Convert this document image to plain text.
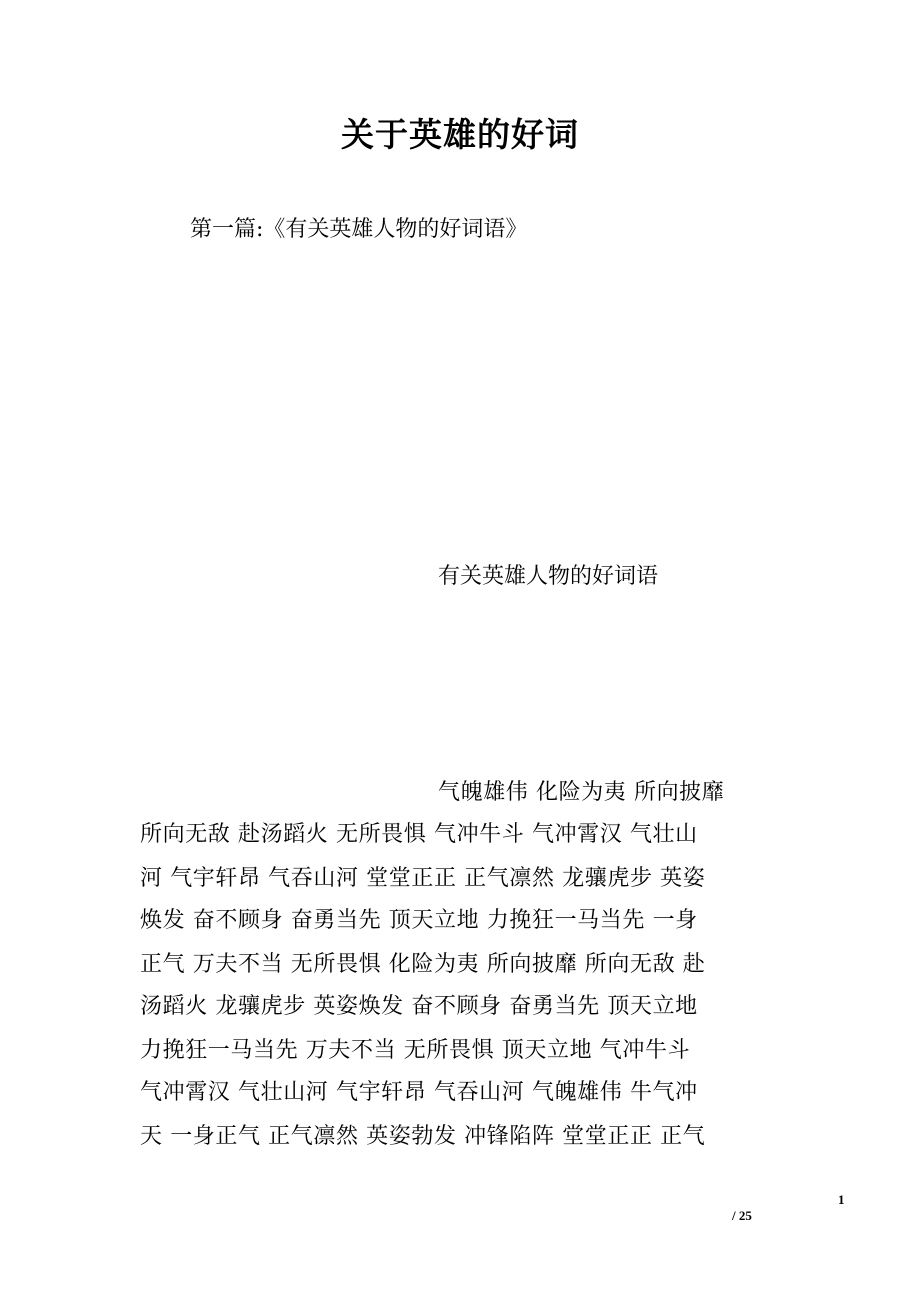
关于英雄的好词
第一篇:《有关英雄人物的好词语》
有关英雄人物的好词语
气魄雄伟 化险为夷 所向披靡
所向无敌 赴汤蹈火 无所畏惧 气冲牛斗 气冲霄汉 气壮山
河 气宇轩昂 气吞山河 堂堂正正 正气凛然 龙骧虎步 英姿
焕发 奋不顾身 奋勇当先 顶天立地 力挽狂一马当先 一身
正气 万夫不当 无所畏惧 化险为夷 所向披靡 所向无敌 赴
汤蹈火 龙骧虎步 英姿焕发 奋不顾身 奋勇当先 顶天立地
力挽狂一马当先 万夫不当 无所畏惧 顶天立地 气冲牛斗
气冲霄汉 气壮山河 气宇轩昂 气吞山河 气魄雄伟 牛气冲
天 一身正气 正气凛然 英姿勃发 冲锋陷阵 堂堂正正 正气
1
/ 25
